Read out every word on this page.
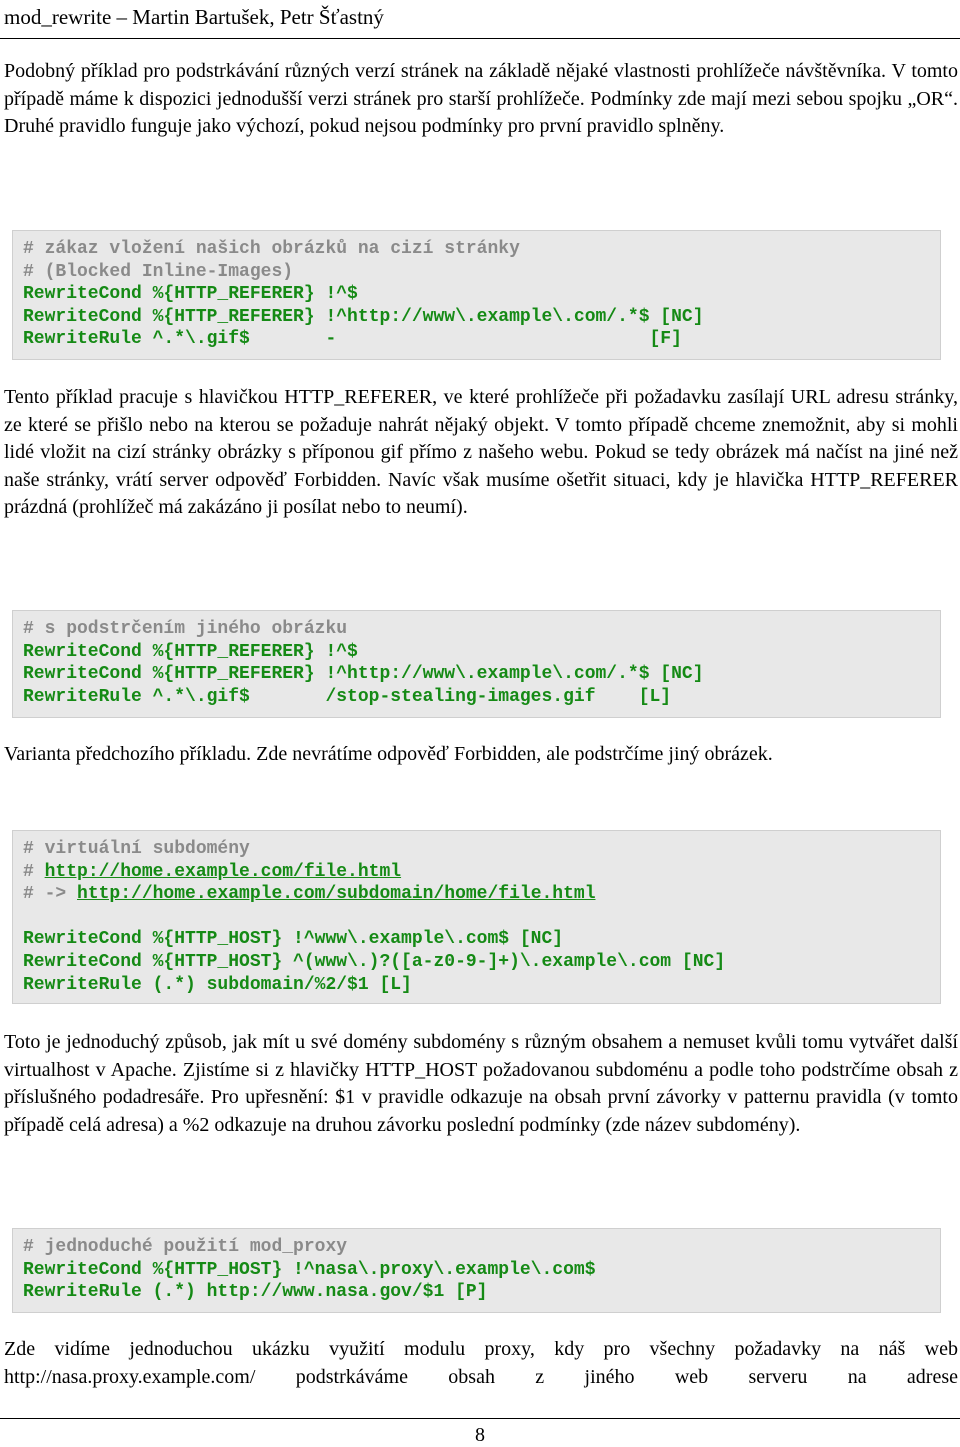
mod_rewrite – Martin Bartušek, Petr Šťastný
Podobný příklad pro podstrkávání různých verzí stránek na základě nějaké vlastnosti prohlížeče návštěvníka. V tomto případě máme k dispozici jednodušší verzi stránek pro starší prohlížeče. Podmínky zde mají mezi sebou spojku „OR“. Druhé pravidlo funguje jako výchozí, pokud nejsou podmínky pro první pravidlo splněny.
# zákaz vložení našich obrázků na cizí stránky
# (Blocked Inline-Images)
RewriteCond %{HTTP_REFERER} !^$
RewriteCond %{HTTP_REFERER} !^http://www\.example\.com/.*$ [NC]
RewriteRule ^.*\.gif$       -                             [F]
Tento příklad pracuje s hlavičkou HTTP_REFERER, ve které prohlížeče při požadavku zasílají URL adresu stránky, ze které se přišlo nebo na kterou se požaduje nahrát nějaký objekt. V tomto případě chceme znemožnit, aby si mohli lidé vložit na cizí stránky obrázky s příponou gif přímo z našeho webu. Pokud se tedy obrázek má načíst na jiné než naše stránky, vrátí server odpověď Forbidden. Navíc však musíme ošetřit situaci, kdy je hlavička HTTP_REFERER prázdná (prohlížeč má zakázáno ji posílat nebo to neumí).
# s podstrčením jiného obrázku
RewriteCond %{HTTP_REFERER} !^$
RewriteCond %{HTTP_REFERER} !^http://www\.example\.com/.*$ [NC]
RewriteRule ^.*\.gif$       /stop-stealing-images.gif    [L]
Varianta předchozího příkladu. Zde nevrátíme odpověď Forbidden, ale podstrčíme jiný obrázek.
# virtuální subdomény
# http://home.example.com/file.html
# -> http://home.example.com/subdomain/home/file.html
RewriteCond %{HTTP_HOST} !^www\.example\.com$ [NC]
RewriteCond %{HTTP_HOST} ^(www\.)?([a-z0-9-]+)\.example\.com [NC]
RewriteRule (.*) subdomain/%2/$1 [L]
Toto je jednoduchý způsob, jak mít u své domény subdomény s různým obsahem a nemuset kvůli tomu vytvářet další virtualhost v Apache. Zjistíme si z hlavičky HTTP_HOST požadovanou subdoménu a podle toho podstrčíme obsah z příslušného podadresáře. Pro upřesnění: $1 v pravidle odkazuje na obsah první závorky v patternu pravidla (v tomto případě celá adresa) a %2 odkazuje na druhou závorku poslední podmínky (zde název subdomény).
# jednoduché použití mod_proxy
RewriteCond %{HTTP_HOST} !^nasa\.proxy\.example\.com$
RewriteRule (.*) http://www.nasa.gov/$1 [P]
Zde vidíme jednoduchou ukázku využití modulu proxy, kdy pro všechny požadavky na náš web http://nasa.proxy.example.com/ podstrkáváme obsah z jiného web serveru na adrese
8
